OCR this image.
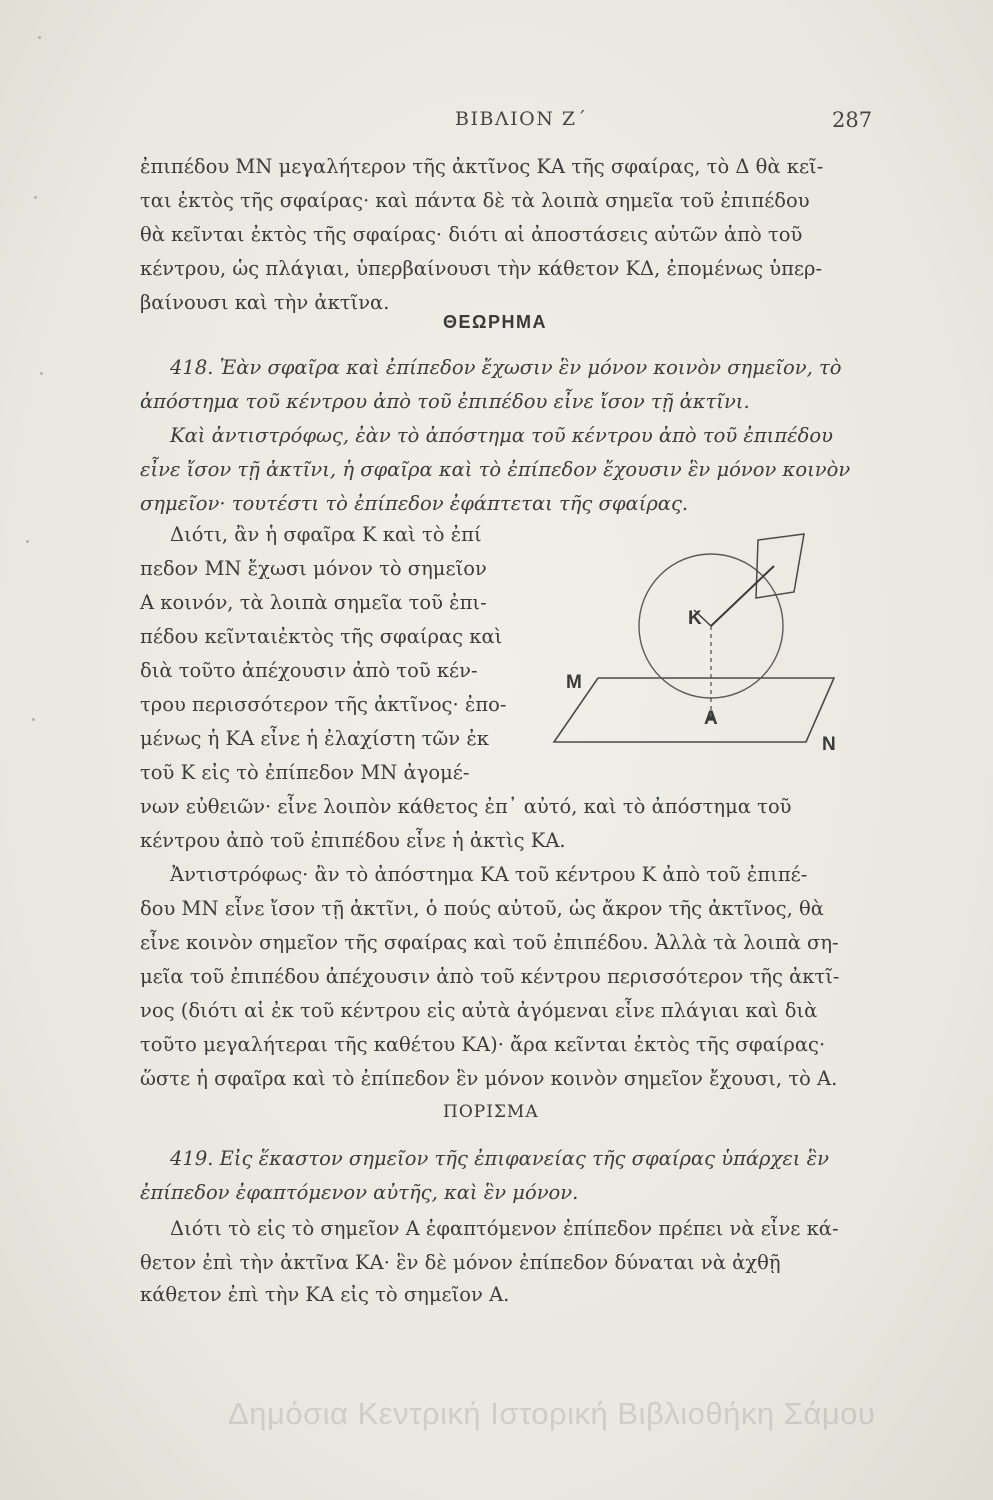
ΒΙΒΛΙΟΝ Ζ΄	287
ἐπιπέδου ΜΝ μεγαλήτερον τῆς ἀκτῖνος ΚΑ τῆς σφαίρας, τὸ Δ θὰ κεῖ-
ται ἐκτὸς τῆς σφαίρας· καὶ πάντα δὲ τὰ λοιπὰ σημεῖα τοῦ ἐπιπέδου
θὰ κεῖνται ἐκτὸς τῆς σφαίρας· διότι αἱ ἀποστάσεις αὐτῶν ἀπὸ τοῦ
κέντρου, ὡς πλάγιαι, ὑπερβαίνουσι τὴν κάθετον ΚΔ, ἐπομένως ὑπερ-
βαίνουσι καὶ τὴν ἀκτῖνα.
ΘΕΩΡΗΜΑ
418. Ἐὰν σφαῖρα καὶ ἐπίπεδον ἔχωσιν ἓν μόνον κοινὸν σημεῖον, τὸ
ἀπόστημα τοῦ κέντρου ἀπὸ τοῦ ἐπιπέδου εἶνε ἴσον τῇ ἀκτῖνι.
Καὶ ἀντιστρόφως, ἐὰν τὸ ἀπόστημα τοῦ κέντρου ἀπὸ τοῦ ἐπιπέδου
εἶνε ἴσον τῇ ἀκτῖνι, ἡ σφαῖρα καὶ τὸ ἐπίπεδον ἔχουσιν ἓν μόνον κοινὸν
σημεῖον· τουτέστι τὸ ἐπίπεδον ἐφάπτεται τῆς σφαίρας.
Διότι, ἂν ἡ σφαῖρα Κ καὶ τὸ ἐπί
πεδον ΜΝ ἔχωσι μόνον τὸ σημεῖον
Α κοινόν, τὰ λοιπὰ σημεῖα τοῦ ἐπι-
πέδου κεῖνταιἐκτὸς τῆς σφαίρας καὶ
διὰ τοῦτο ἀπέχουσιν ἀπὸ τοῦ κέν-
τρου περισσότερον τῆς ἀκτῖνος· ἐπο-
μένως ἡ ΚΑ εἶνε ἡ ἐλαχίστη τῶν ἐκ
τοῦ Κ εἰς τὸ ἐπίπεδον ΜΝ ἀγομέ-
νων εὐθειῶν· εἶνε λοιπὸν κάθετος ἐπ᾽ αὐτό, καὶ τὸ ἀπόστημα τοῦ
κέντρου ἀπὸ τοῦ ἐπιπέδου εἶνε ἡ ἀκτὶς ΚΑ.
Ἀντιστρόφως· ἂν τὸ ἀπόστημα ΚΑ τοῦ κέντρου Κ ἀπὸ τοῦ ἐπιπέ-
δου ΜΝ εἶνε ἴσον τῇ ἀκτῖνι, ὁ πούς αὐτοῦ, ὡς ἄκρον τῆς ἀκτῖνος, θὰ
εἶνε κοινὸν σημεῖον τῆς σφαίρας καὶ τοῦ ἐπιπέδου. Ἀλλὰ τὰ λοιπὰ ση-
μεῖα τοῦ ἐπιπέδου ἀπέχουσιν ἀπὸ τοῦ κέντρου περισσότερον τῆς ἀκτῖ-
νος (διότι αἱ ἐκ τοῦ κέντρου εἰς αὐτὰ ἀγόμεναι εἶνε πλάγιαι καὶ διὰ
τοῦτο μεγαλήτεραι τῆς καθέτου ΚΑ)· ἄρα κεῖνται ἐκτὸς τῆς σφαίρας·
ὥστε ἡ σφαῖρα καὶ τὸ ἐπίπεδον ἓν μόνον κοινὸν σημεῖον ἔχουσι, τὸ Α.
ΠΟΡΙΣΜΑ
419. Εἰς ἕκαστον σημεῖον τῆς ἐπιφανείας τῆς σφαίρας ὑπάρχει ἓν
ἐπίπεδον ἐφαπτόμενον αὐτῆς, καὶ ἓν μόνον.
Διότι τὸ εἰς τὸ σημεῖον Α ἐφαπτόμενον ἐπίπεδον πρέπει νὰ εἶνε κά-
θετον ἐπὶ τὴν ἀκτῖνα ΚΑ· ἓν δὲ μόνον ἐπίπεδον δύναται νὰ ἀχθῇ
κάθετον ἐπὶ τὴν ΚΑ εἰς τὸ σημεῖον Α.
Κ
Μ
Α
Ν
Δημόσια Κεντρική Ιστορική Βιβλιοθήκη Σάμου
